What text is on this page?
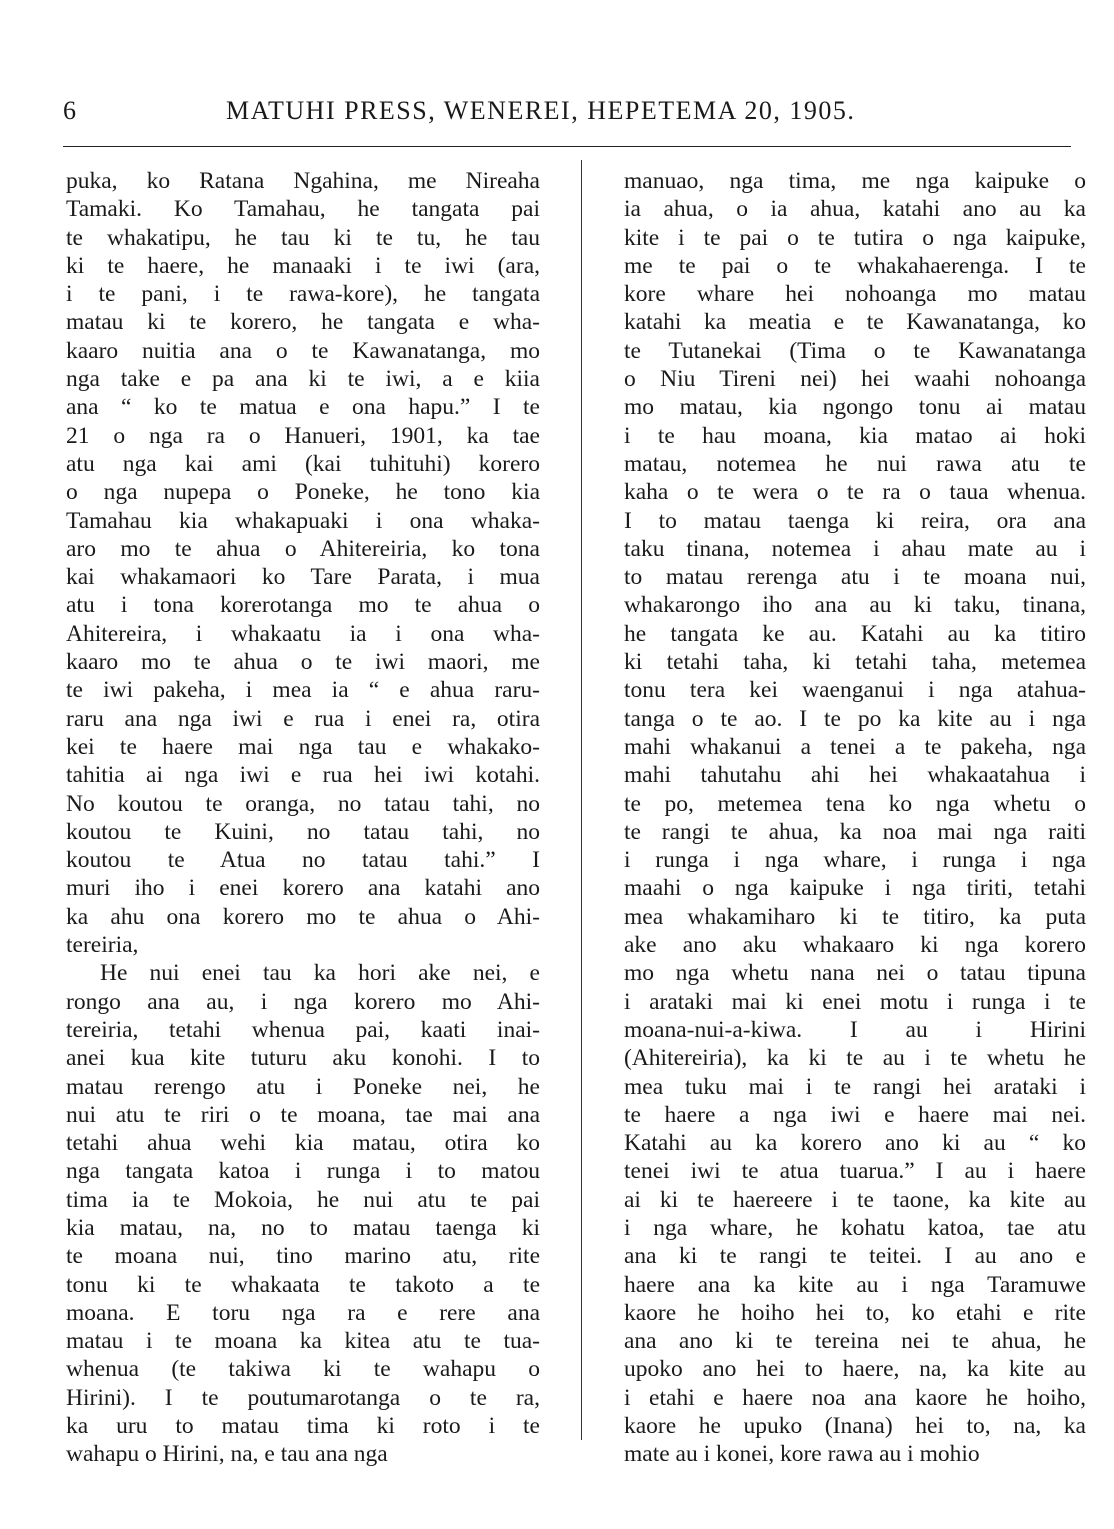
6	MATUHI PRESS, WENEREI, HEPETEMA 20, 1905.
puka, ko Ratana Ngahina, me Nireaha
Tamaki. Ko Tamahau, he tangata pai
te whakatipu, he tau ki te tu, he tau
ki te haere, he manaaki i te iwi (ara,
i te pani, i te rawa-kore), he tangata
matau ki te korero, he tangata e wha-
kaaro nuitia ana o te Kawanatanga, mo
nga take e pa ana ki te iwi, a e kiia
ana “ ko te matua e ona hapu.” I te
21 o nga ra o Hanueri, 1901, ka tae
atu nga kai ami (kai tuhituhi) korero
o nga nupepa o Poneke, he tono kia
Tamahau kia whakapuaki i ona whaka-
aro mo te ahua o Ahitereiria, ko tona
kai whakamaori ko Tare Parata, i mua
atu i tona korerotanga mo te ahua o
Ahitereira, i whakaatu ia i ona wha-
kaaro mo te ahua o te iwi maori, me
te iwi pakeha, i mea ia “ e ahua raru-
raru ana nga iwi e rua i enei ra, otira
kei te haere mai nga tau e whakako-
tahitia ai nga iwi e rua hei iwi kotahi.
No koutou te oranga, no tatau tahi, no
koutou te Kuini, no tatau tahi, no
koutou te Atua no tatau tahi.” I
muri iho i enei korero ana katahi ano
ka ahu ona korero mo te ahua o Ahi-
tereiria,
He nui enei tau ka hori ake nei, e
rongo ana au, i nga korero mo Ahi-
tereiria, tetahi whenua pai, kaati inai-
anei kua kite tuturu aku konohi. I to
matau rerengo atu i Poneke nei, he
nui atu te riri o te moana, tae mai ana
tetahi ahua wehi kia matau, otira ko
nga tangata katoa i runga i to matou
tima ia te Mokoia, he nui atu te pai
kia matau, na, no to matau taenga ki
te moana nui, tino marino atu, rite
tonu ki te whakaata te takoto a te
moana. E toru nga ra e rere ana
matau i te moana ka kitea atu te tua-
whenua (te takiwa ki te wahapu o
Hirini). I te poutumarotanga o te ra,
ka uru to matau tima ki roto i te
wahapu o Hirini, na, e tau ana nga
manuao, nga tima, me nga kaipuke o
ia ahua, o ia ahua, katahi ano au ka
kite i te pai o te tutira o nga kaipuke,
me te pai o te whakahaerenga. I te
kore whare hei nohoanga mo matau
katahi ka meatia e te Kawanatanga, ko
te Tutanekai (Tima o te Kawanatanga
o Niu Tireni nei) hei waahi nohoanga
mo matau, kia ngongo tonu ai matau
i te hau moana, kia matao ai hoki
matau, notemea he nui rawa atu te
kaha o te wera o te ra o taua whenua.
I to matau taenga ki reira, ora ana
taku tinana, notemea i ahau mate au i
to matau rerenga atu i te moana nui,
whakarongo iho ana au ki taku, tinana,
he tangata ke au. Katahi au ka titiro
ki tetahi taha, ki tetahi taha, metemea
tonu tera kei waenganui i nga atahua-
tanga o te ao. I te po ka kite au i nga
mahi whakanui a tenei a te pakeha, nga
mahi tahutahu ahi hei whakaatahua i
te po, metemea tena ko nga whetu o
te rangi te ahua, ka noa mai nga raiti
i runga i nga whare, i runga i nga
maahi o nga kaipuke i nga tiriti, tetahi
mea whakamiharo ki te titiro, ka puta
ake ano aku whakaaro ki nga korero
mo nga whetu nana nei o tatau tipuna
i arataki mai ki enei motu i runga i te
moana-nui-a-kiwa. I au i Hirini
(Ahitereiria), ka ki te au i te whetu he
mea tuku mai i te rangi hei arataki i
te haere a nga iwi e haere mai nei.
Katahi au ka korero ano ki au “ ko
tenei iwi te atua tuarua.” I au i haere
ai ki te haereere i te taone, ka kite au
i nga whare, he kohatu katoa, tae atu
ana ki te rangi te teitei. I au ano e
haere ana ka kite au i nga Taramuwe
kaore he hoiho hei to, ko etahi e rite
ana ano ki te tereina nei te ahua, he
upoko ano hei to haere, na, ka kite au
i etahi e haere noa ana kaore he hoiho,
kaore he upuko (Inana) hei to, na, ka
mate au i konei, kore rawa au i mohio
